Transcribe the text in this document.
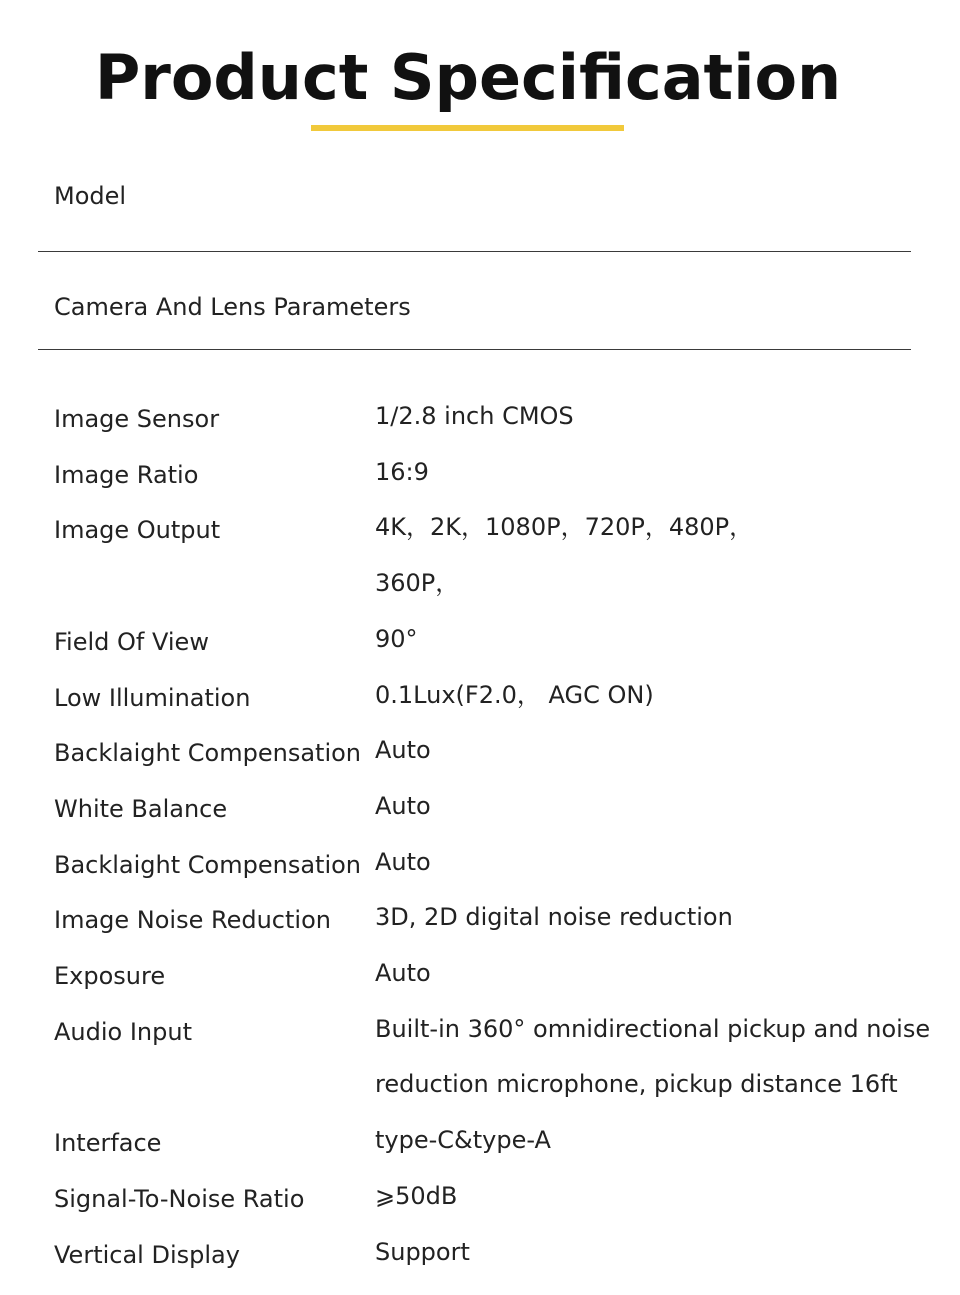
Product Specification
Model
Camera And Lens Parameters
Image Sensor	1/2.8 inch CMOS
Image Ratio	16:9
Image Output	4K，2K，1080P，720P，480P，
360P，
Field Of View	90°
Low Illumination	0.1Lux(F2.0， AGC ON)
Backlaight Compensation Auto
White Balance	Auto
Backlaight Compensation Auto
Image Noise Reduction 3D, 2D digital noise reduction
Exposure	Auto
Audio Input	Built-in 360° omnidirectional pickup and noise
reduction microphone, pickup distance 16ft
Interface	type-C&type-A
Signal-To-Noise Ratio	⩾50dB
Vertical Display	Support
